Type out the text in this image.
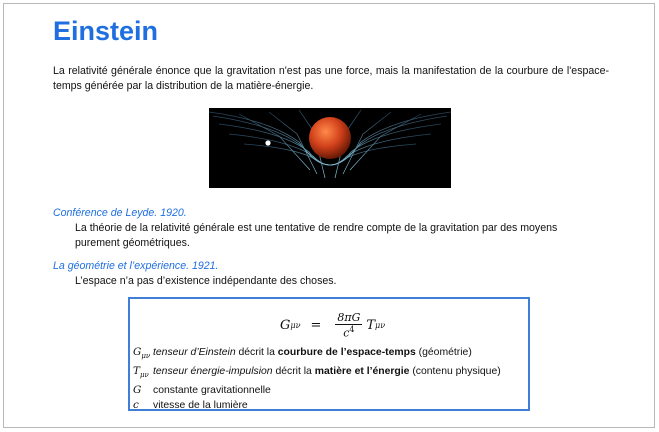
Einstein

La relativité générale énonce que la gravitation n'est pas une force, mais la manifestation de la courbure de l'espace-temps générée par la distribution de la matière-énergie.

Conférence de Leyde. 1920.

La théorie de la relativité générale est une tentative de rendre compte de la gravitation par des moyens purement géométriques.

La géométrie et l’expérience. 1921.

L’espace n’a pas d’existence indépendante des choses.

G $\mu\nu = \frac{8\pi G}{c^4}$ T μν
$G_{\mu\nu}$ tenseur d’Einstein décrit la courbure de l’espace-temps (géométrie)
$T_{\mu\nu}$ tenseur énergie-impulsion décrit la matière et l’énergie (contenu physique)
G constante gravitationnelle
c vitesse de la lumière
